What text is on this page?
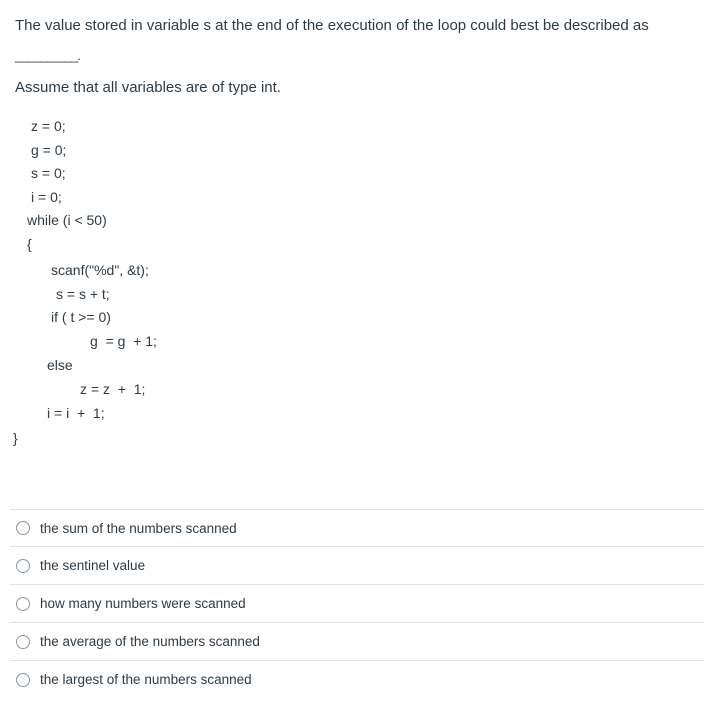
The value stored in variable s at the end of the execution of the loop could best be described as
__________.
Assume that all variables are of type int.
z = 0;
g = 0;
s = 0;
i = 0;
while (i < 50)
{
scanf("%d", &t);
s = s + t;
if ( t >= 0)
g  = g  + 1;
else
z = z  +  1;
i = i  +  1;
}
the sum of the numbers scanned
the sentinel value
how many numbers were scanned
the average of the numbers scanned
the largest of the numbers scanned
